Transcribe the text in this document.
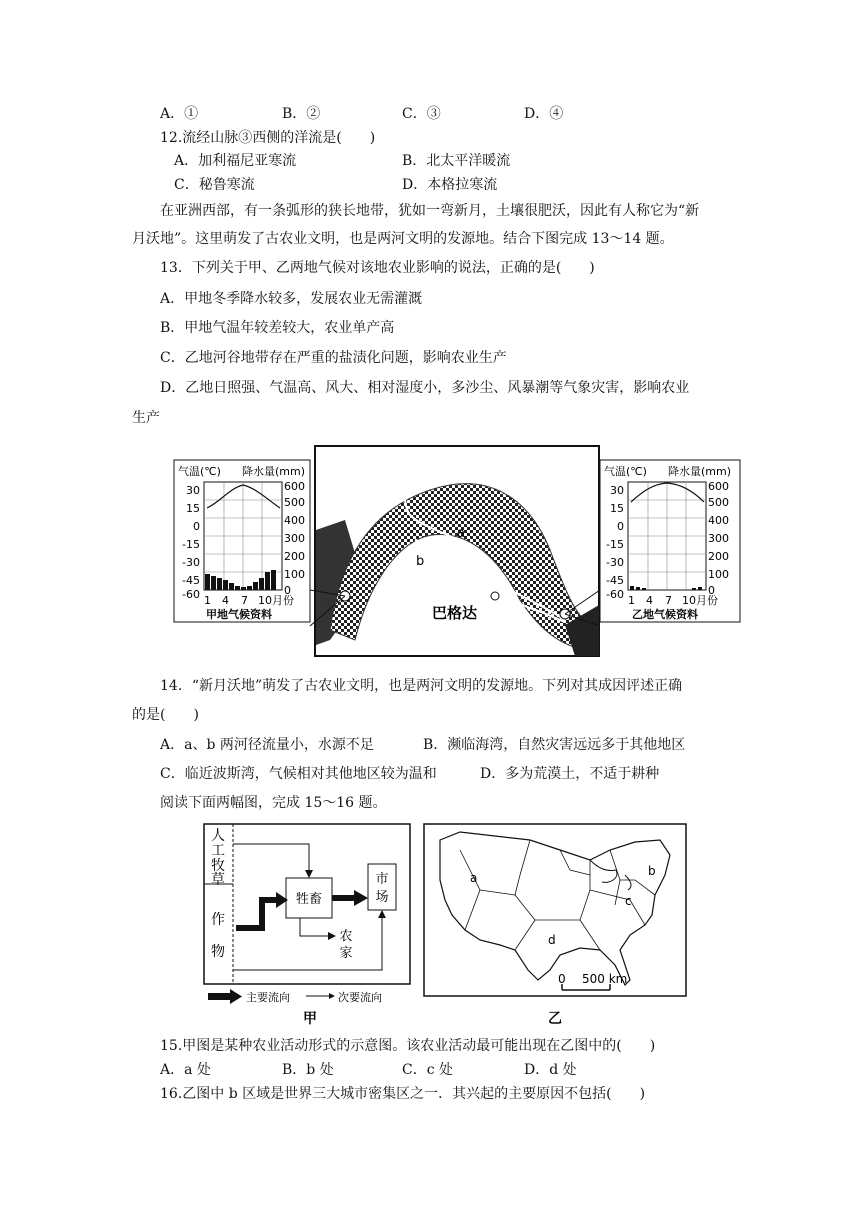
A．①	B．②	C．③	D．④
12.流经山脉③西侧的洋流是(　　)
A．加利福尼亚寒流	B．北太平洋暖流
C．秘鲁寒流	D．本格拉寒流
在亚洲西部，有一条弧形的狭长地带，犹如一弯新月，土壤很肥沃，因此有人称它为“新
月沃地”。这里萌发了古农业文明，也是两河文明的发源地。结合下图完成 13～14 题。
13．下列关于甲、乙两地气候对该地农业影响的说法，正确的是(　　)
A．甲地冬季降水较多，发展农业无需灌溉
B．甲地气温年较差较大，农业单产高
C．乙地河谷地带存在严重的盐渍化问题，影响农业生产
D．乙地日照强、气温高、风大、相对湿度小，多沙尘、风暴潮等气象灾害，影响农业
生产
a
b
巴格达
气温(℃) 降水量(mm)
30
15
0
-15
-30
-45
-60
600
500
400
300
200
100
0
1 4 7 10月份
甲地气候资料
气温(℃) 降水量(mm)
30
15
0
-15
-30
-45
-60
600
500
400
300
200
100
0
1 4 7 10月份
乙地气候资料
14．“新月沃地”萌发了古农业文明，也是两河文明的发源地。下列对其成因评述正确
的是(　　)
A．a、b 两河径流量小，水源不足	B．濒临海湾，自然灾害远远多于其他地区
C．临近波斯湾，气候相对其他地区较为温和	D．多为荒漠土，不适于耕种
阅读下面两幅图，完成 15～16 题。
人
工
牧
草
作
物
牲畜
市
场
农
家
主要流向	次要流向
甲
a	b
c
d
0 500 km
乙
15.甲图是某种农业活动形式的示意图。该农业活动最可能出现在乙图中的(　　)
A．a 处	B．b 处	C．c 处	D．d 处
16.乙图中 b 区域是世界三大城市密集区之一．其兴起的主要原因不包括(　　)
